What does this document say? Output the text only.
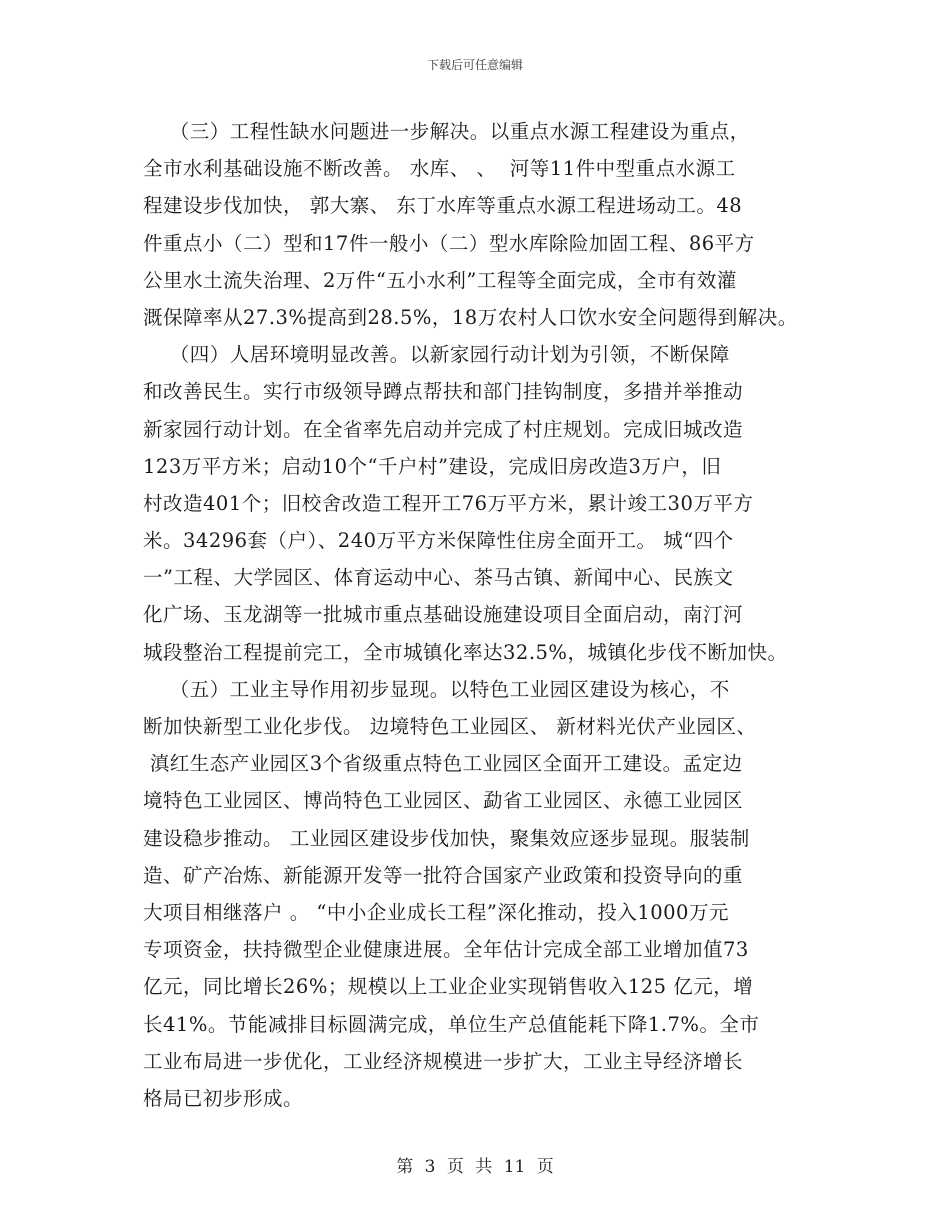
下载后可任意编辑
（三）工程性缺水问题进一步解决。以重点水源工程建设为重点，
全市水利基础设施不断改善。 水库、 、  河等11件中型重点水源工
程建设步伐加快， 郭大寨、 东丁水库等重点水源工程进场动工。48
件重点小（二）型和17件一般小（二）型水库除险加固工程、86平方
公里水土流失治理、2万件“五小水利”工程等全面完成，全市有效灌
溉保障率从27.3%提高到28.5%，18万农村人口饮水安全问题得到解决。
（四）人居环境明显改善。以新家园行动计划为引领，不断保障
和改善民生。实行市级领导蹲点帮扶和部门挂钩制度，多措并举推动
新家园行动计划。在全省率先启动并完成了村庄规划。完成旧城改造
123万平方米；启动10个“千户村”建设，完成旧房改造3万户，旧
村改造401个；旧校舍改造工程开工76万平方米，累计竣工30万平方
米。34296套（户）、240万平方米保障性住房全面开工。 城“四个
一”工程、大学园区、体育运动中心、茶马古镇、新闻中心、民族文
化广场、玉龙湖等一批城市重点基础设施建设项目全面启动，南汀河
城段整治工程提前完工，全市城镇化率达32.5%，城镇化步伐不断加快。
（五）工业主导作用初步显现。以特色工业园区建设为核心，不
断加快新型工业化步伐。 边境特色工业园区、 新材料光伏产业园区、
滇红生态产业园区3个省级重点特色工业园区全面开工建设。孟定边
境特色工业园区、博尚特色工业园区、勐省工业园区、永德工业园区
建设稳步推动。 工业园区建设步伐加快，聚集效应逐步显现。服装制
造、矿产冶炼、新能源开发等一批符合国家产业政策和投资导向的重
大项目相继落户 。 “中小企业成长工程”深化推动，投入1000万元
专项资金，扶持微型企业健康进展。全年估计完成全部工业增加值73
亿元，同比增长26%；规模以上工业企业实现销售收入125 亿元，增
长41%。节能减排目标圆满完成，单位生产总值能耗下降1.7%。全市
工业布局进一步优化，工业经济规模进一步扩大，工业主导经济增长
格局已初步形成。
第 3 页 共 11 页
